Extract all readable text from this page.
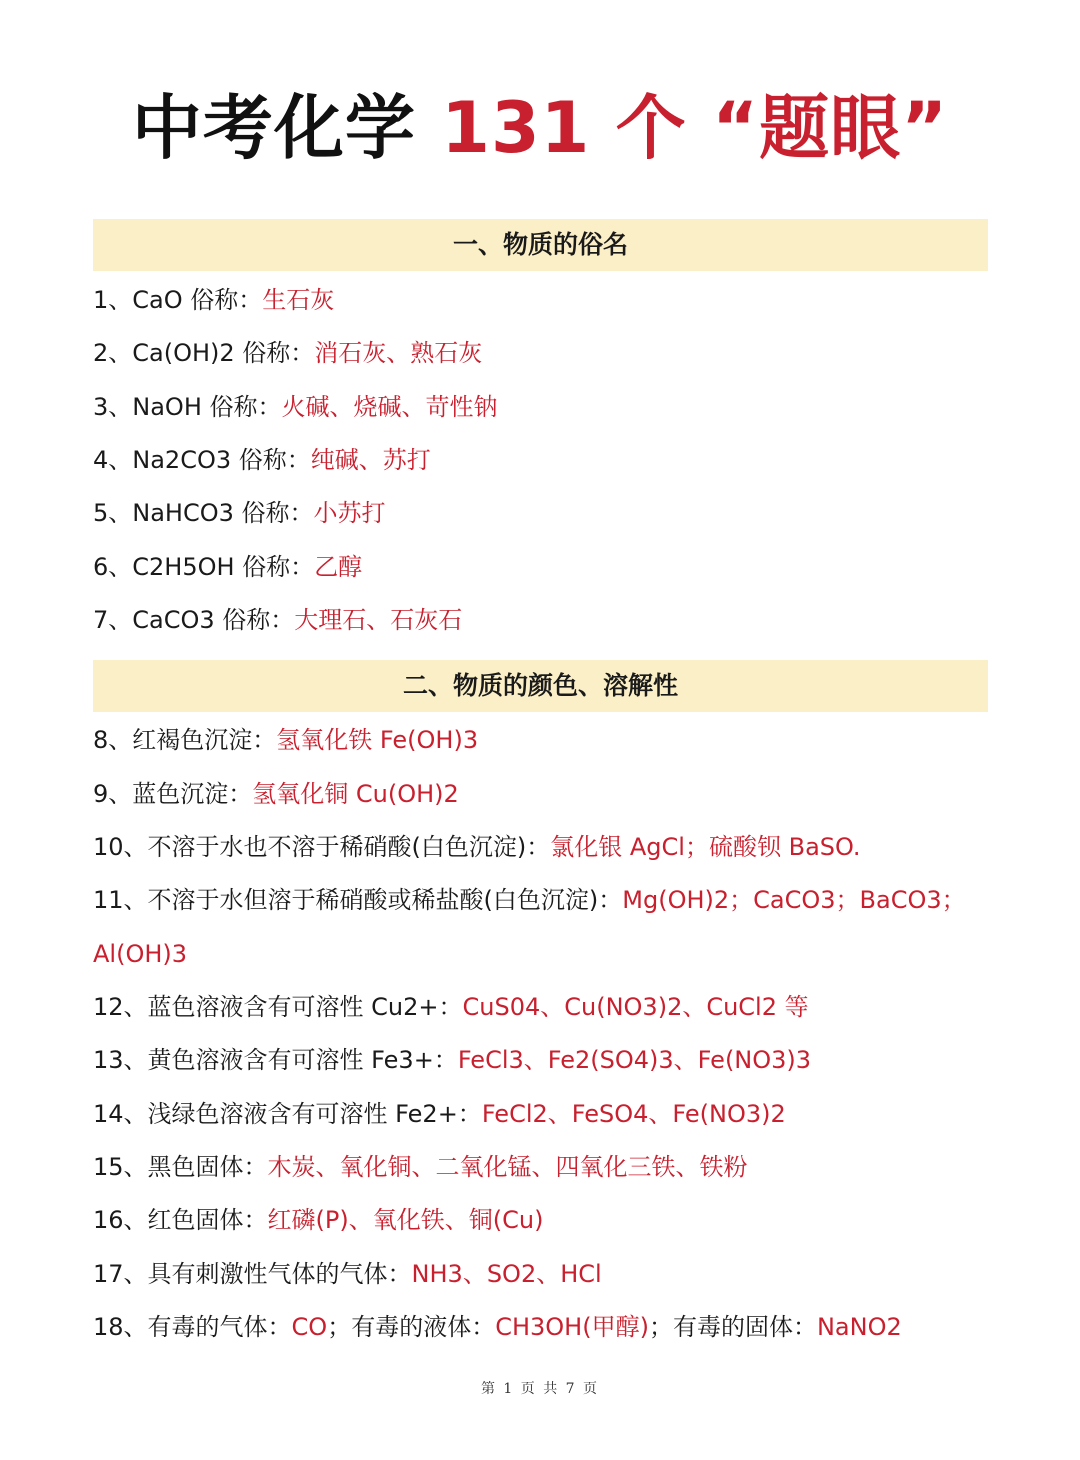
中考化学 131 个 “题眼”
一、物质的俗名
1、CaO 俗称：生石灰
2、Ca(OH)2 俗称：消石灰、熟石灰
3、NaOH 俗称：火碱、烧碱、苛性钠
4、Na2CO3 俗称：纯碱、苏打
5、NaHCO3 俗称：小苏打
6、C2H5OH 俗称：乙醇
7、CaCO3 俗称：大理石、石灰石
二、物质的颜色、溶解性
8、红褐色沉淀：氢氧化铁 Fe(OH)3
9、蓝色沉淀：氢氧化铜 Cu(OH)2
10、不溶于水也不溶于稀硝酸(白色沉淀)：氯化银 AgCl；硫酸钡 BaSO.
11、不溶于水但溶于稀硝酸或稀盐酸(白色沉淀)：Mg(OH)2；CaCO3；BaCO3；
Al(OH)3
12、蓝色溶液含有可溶性 Cu2+：CuS04、Cu(NO3)2、CuCl2 等
13、黄色溶液含有可溶性 Fe3+：FeCl3、Fe2(SO4)3、Fe(NO3)3
14、浅绿色溶液含有可溶性 Fe2+：FeCl2、FeSO4、Fe(NO3)2
15、黑色固体：木炭、氧化铜、二氧化锰、四氧化三铁、铁粉
16、红色固体：红磷(P)、氧化铁、铜(Cu)
17、具有刺激性气体的气体：NH3、SO2、HCl
18、有毒的气体：CO；有毒的液体：CH3OH(甲醇)；有毒的固体：NaNO2
第 1 页 共 7 页
